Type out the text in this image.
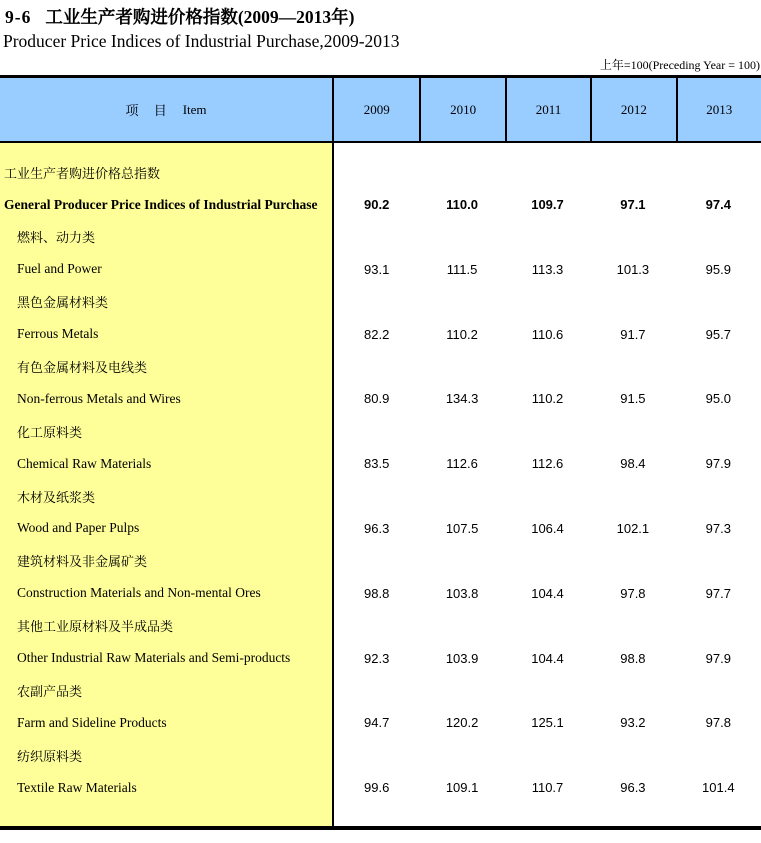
9-6 工业生产者购进价格指数(2009—2013年)
Producer Price Indices of Industrial Purchase,2009-2013
上年=100(Preceding Year = 100)
项 目 Item	2009	2010	2011	2012	2013
工业生产者购进价格总指数
General Producer Price Indices of Industrial Purchase	90.2	110.0	109.7	97.1	97.4
燃料、动力类
Fuel and Power	93.1	111.5	113.3	101.3	95.9
黑色金属材料类
Ferrous Metals	82.2	110.2	110.6	91.7	95.7
有色金属材料及电线类
Non-ferrous Metals and Wires	80.9	134.3	110.2	91.5	95.0
化工原料类
Chemical Raw Materials	83.5	112.6	112.6	98.4	97.9
木材及纸浆类
Wood and Paper Pulps	96.3	107.5	106.4	102.1	97.3
建筑材料及非金属矿类
Construction Materials and Non-mental Ores	98.8	103.8	104.4	97.8	97.7
其他工业原材料及半成品类
Other Industrial Raw Materials and Semi-products	92.3	103.9	104.4	98.8	97.9
农副产品类
Farm and Sideline Products	94.7	120.2	125.1	93.2	97.8
纺织原料类
Textile Raw Materials	99.6	109.1	110.7	96.3	101.4
